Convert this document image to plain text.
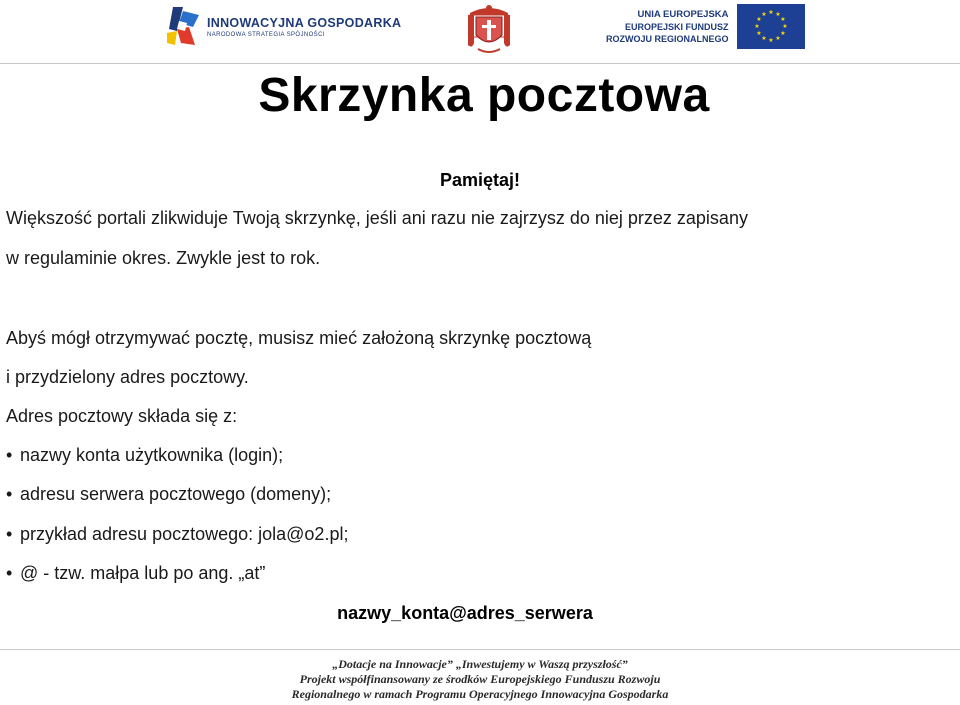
INNOWACYJNA GOSPODARKA
NARODOWA STRATEGIA SPÓJNOŚCI
UNIA EUROPEJSKA
EUROPEJSKI FUNDUSZ
ROZWOJU REGIONALNEGO
★ ★
★
★
★
★
★
★
★
★
★
★
Skrzynka pocztowa
Pamiętaj!
Większość portali zlikwiduje Twoją skrzynkę, jeśli ani razu nie zajrzysz do niej przez zapisany
w regulaminie okres. Zwykle jest to rok.
Abyś mógł otrzymywać pocztę, musisz mieć założoną skrzynkę pocztową
i przydzielony adres pocztowy.
Adres pocztowy składa się z:
• nazwy konta użytkownika (login);
• adresu serwera pocztowego (domeny);
• przykład adresu pocztowego: jola@o2.pl;
• @ - tzw. małpa lub po ang. „at”
nazwy_konta@adres_serwera
„Dotacje na Innowacje” „Inwestujemy w Waszą przyszłość”
Projekt współfinansowany ze środków Europejskiego Funduszu Rozwoju
Regionalnego w ramach Programu Operacyjnego Innowacyjna Gospodarka
